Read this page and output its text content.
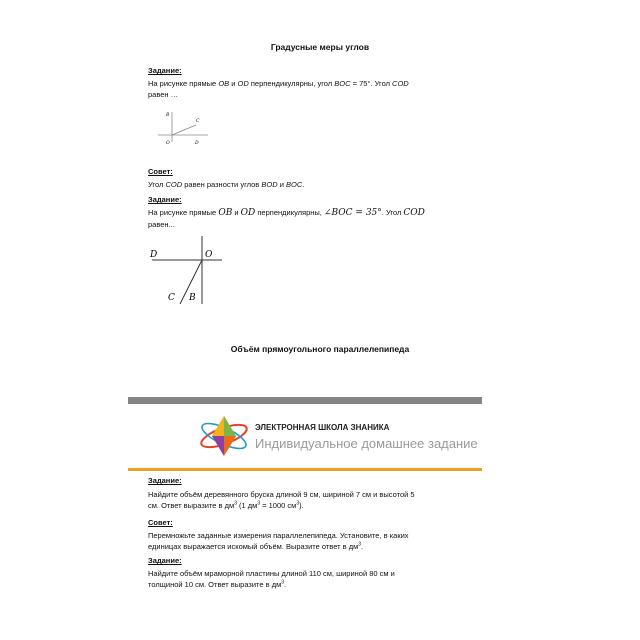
Градусные меры углов
Задание:
На рисунке прямые OB и OD перпендикулярны, угол BOC = 75°. Угол COD
равен …
B
C
O	D
Совет:
Угол COD равен разности углов BOD и BOC.
Задание:
На рисунке прямые OB и OD перпендикулярны, ∠BOC = 35°. Угол COD
равен...
D	O
C B
Объём прямоугольного параллелепипеда
ЭЛЕКТРОННАЯ ШКОЛА ЗНАНИКА
Индивидуальное домашнее задание
Задание:
Найдите объём деревянного бруска длиной 9 см, шириной 7 см и высотой 5
см. Ответ выразите в $дм^3$ (1 $дм^3 = 1000$ $см^3$).
Совет:
Перемножьте заданные измерения параллелепипеда. Установите, в каких
единицах выражается искомый объём. Выразите ответ в $дм^3$.
Задание:
Найдите объём мраморной пластины длиной 110 см, шириной 80 см и
толщиной 10 см. Ответ выразите в $дм^3$.
